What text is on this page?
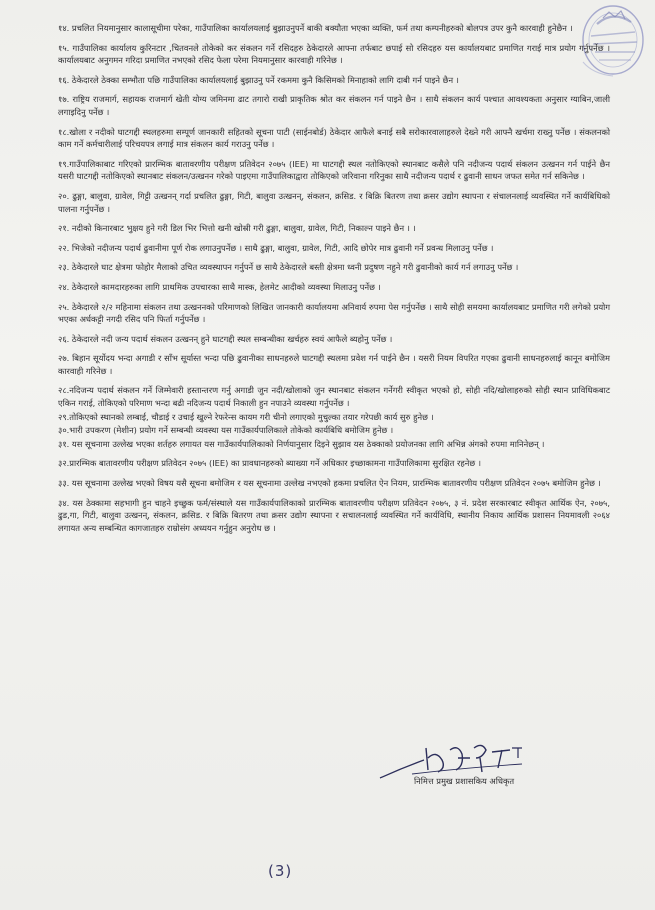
१४. प्रचलित नियमानुसार कालासूचीमा परेका, गाउँपालिका कार्यालयलाई बुझाउनुपर्ने बाकी बक्यौता भएका व्यक्ति, फर्म तथा कम्पनीहरुको बोलपत्र उपर कुनै कारवाही हुनेछैन ।

१५. गाउँपालिका कार्यालय कुरिनटार ,चितवनले तोकेको कर संकलन गर्ने रसिदहरु ठेकेदारले आफ्ना तर्फबाट छपाई सो रसिदहरु यस कार्यालयबाट प्रमाणित गराई मात्र प्रयोग गर्नुपर्नेछ । कार्यालयबाट अनुगमन गरिदा प्रमाणित नभएको रसिद फेला परेमा नियमानुसार कारवाही गरिनेछ ।

१६. ठेकेदारले ठेक्का सम्भौता पछि गाउँपालिका कार्यालयलाई बुझाउनु पर्ने रकममा कुनै किसिमको मिनाहाको लागि दाबी गर्न पाइने छैन ।

१७. राष्ट्रिय राजमार्ग, सहायक राजमार्ग खेती योग्य जमिनमा ढाट तगारो राखी प्राकृतिक श्रोत कर संकलन गर्न पाइने छैन । साथै संकलन कार्य पश्चात आवश्यकता अनुसार ग्याबिन,जाली लगाइदिनु पर्नेछ ।

१८.खोला र नदीको घाटगद्दी स्थलहरुमा सम्पूर्ण जानकारी सहितको सूचना पाटी (साईनबोर्ड) ठेकेदार आफैले बनाई सबै सरोकारवालाहरुले देख्ने गरी आफ्नै खर्चमा राख्नु पर्नेछ । संकलनको काम गर्ने कर्मचारीलाई परिचयपत्र लगाई मात्र संकलन कार्य गराउनु पर्नेछ ।

१९.गाउँपालिकाबाट गरिएको प्रारम्भिक बातावरणीय परीक्षण प्रतिवेदन २०७५ (IEE) मा घाटगद्दी स्थल नतोकिएको स्थानबाट कसैले पनि नदीजन्य पदार्थ संकलन उत्खनन गर्न पाईने छैन यसरी घाटगद्दी नतोकिएको स्थानबाट संकलन/उत्खनन गरेको पाइएमा गाउँपालिकाद्वारा तोकिएको जरिवाना गरिनुका साथै नदीजन्य पदार्थ र ढुवानी साधन जफत समेत गर्न सकिनेछ ।

२०. ढुङ्गा, बालुवा, ग्रावेल, गिट्टी उत्खनन् गर्दा प्रचलित ढुङ्गा, गिटी, बालुवा उत्खनन्, संकलन, क्रसिड. र बिक्रि बितरण तथा क्रसर उद्योग स्थापना र संचालनलाई व्यवस्थित गर्ने कार्यबिधिको पालना गर्नुपर्नेछ ।

२१. नदीको किनारबाट भुक्षय हुने गरी डिल भिर भित्तो खनी खोस्री गरी ढुङ्गा, बालुवा, ग्रावेल, गिटी, निकाल्न पाइने छैन । ।

२२. भिजेको नदीजन्य पदार्थ ढुवानीमा पूर्ण रोक लगाउनुपर्नेछ । साथै ढुङ्गा, बालुवा, ग्रावेल, गिटी, आदि छोपेर मात्र ढुवानी गर्ने प्रवन्ध मिलाउनु पर्नेछ ।

२३. ठेकेदारले घाट क्षेत्रमा फोहोर मैलाको उचित व्यवस्थापन गर्नुपर्ने छ साथै ठेकेदारले बस्ती क्षेत्रमा ध्वनी प्रदुषण नहुने गरी ढुवानीको कार्य गर्न लगाउनु पर्नेछ ।

२४. ठेकेदारले कामदारहरुका लागि प्राथमिक उपचारका साथै मास्क, हेलमेट आदीको व्यवस्था मिलाउनु पर्नेछ ।

२५. ठेकेदारले २/२ महिनामा संकलन तथा उत्खननको परिमाणको लिखित जानकारी कार्यालयमा अनिवार्य रुपमा पेस गर्नुपर्नेछ । साथै सोही समयमा कार्यालयबाट प्रमाणित गरी लगेको प्रयोग भएका अर्धकट्टी नगदी रसिद पनि फिर्ता गर्नुपर्नेछ ।

२६. ठेकेदारले नदी जन्य पदार्थ संकलन उत्खनन् हुने घाटगद्दी स्थल सम्बन्धीका खर्चहरु स्वयं आफैले ब्यहोनु पर्नेछ ।

२७. बिहान सूर्योदय भन्दा अगाडी र साँभ सूर्यास्त भन्दा पछि ढुवानीका साधनहरुले घाटगद्दी स्थलमा प्रवेश गर्न पाईने छैन । यसरी नियम विपरित गएका ढुवानी साधनहरुलाई कानून बमोजिम कारवाही गरिनेछ ।

२८.नदिजन्य पदार्थ संकलन गर्ने जिम्मेवारी हस्तान्तरण गर्नु अगाडी जुन नदी/खोलाको जुन स्थानबाट संकलन गर्नेगरी स्वीकृत भएको हो, सोही नदि/खोलाहरुको सोही स्थान प्राविधिकबाट एकिन गराई, तोकिएको परिमाण भन्दा बढी नदिजन्य पदार्थ निकाली हुन नपाउने व्यवस्था गर्नुपर्नेछ ।

२९.तोकिएको स्थानको लम्बाई, चौडाई र उचाई खुल्ने रेफरेन्स कायम गरी चीनो लगाएको मुचुल्का तयार गरेपछी कार्य सुरु हुनेछ ।

३०.भारी उपकरण (मेशीन) प्रयोग गर्ने सम्बन्धी व्यवस्था यस गाउँकार्यपालिकाले तोकेको कार्यबिधि बमोजिम हुनेछ ।

३१. यस सूचनामा उल्लेख भएका शर्तहरु लगायत यस गाउँकार्यपालिकाको निर्णयानुसार दिइने सुझाव यस ठेक्काको प्रयोजनका लागि अभिन्न अंगको रुपमा मानिनेछन् ।

३२.प्रारम्भिक बातावरणीय परीक्षण प्रतिवेदन २०७५ (IEE) का प्रावधानहरुको ब्याख्या गर्ने अधिकार इच्छाकामना गाउँपालिकामा सुरक्षित रहनेछ ।

३३. यस सूचनामा उल्लेख भएको विषय यसै सूचना बमोजिम र यस सूचनामा उल्लेख नभएको हकमा प्रचलित ऐन नियम, प्रारम्भिक बातावरणीय परीक्षण प्रतिवेदन २०७५ बमोजिम हुनेछ ।

३४. यस ठेक्कामा सहभागी हुन चाहने इच्छुक फर्म/संस्थाले यस गाउँकार्यपालिकाको प्रारम्भिक बातावरणीय परीक्षण प्रतिवेदन २०७५, ३ नं. प्रदेश सरकारबाट स्वीकृत आर्थिक ऐन, २०७५, ढुड,गा, गिटी, बालुवा उत्खनन्, संकलन, क्रसिड. र बिक्रि बितरण तथा क्रसर उद्योग स्थापना र सचालनलाई व्यवस्थित गर्ने कार्यविधि, स्थानीय निकाय आर्थिक प्रशासन नियमावली २०६४ लगायत अन्य सम्बन्धित कागजातहरु राम्रोसंग अध्ययन गर्नुहुन अनुरोध छ ।

निमित्त प्रमुख प्रशासकिय अधिकृत
(3)
